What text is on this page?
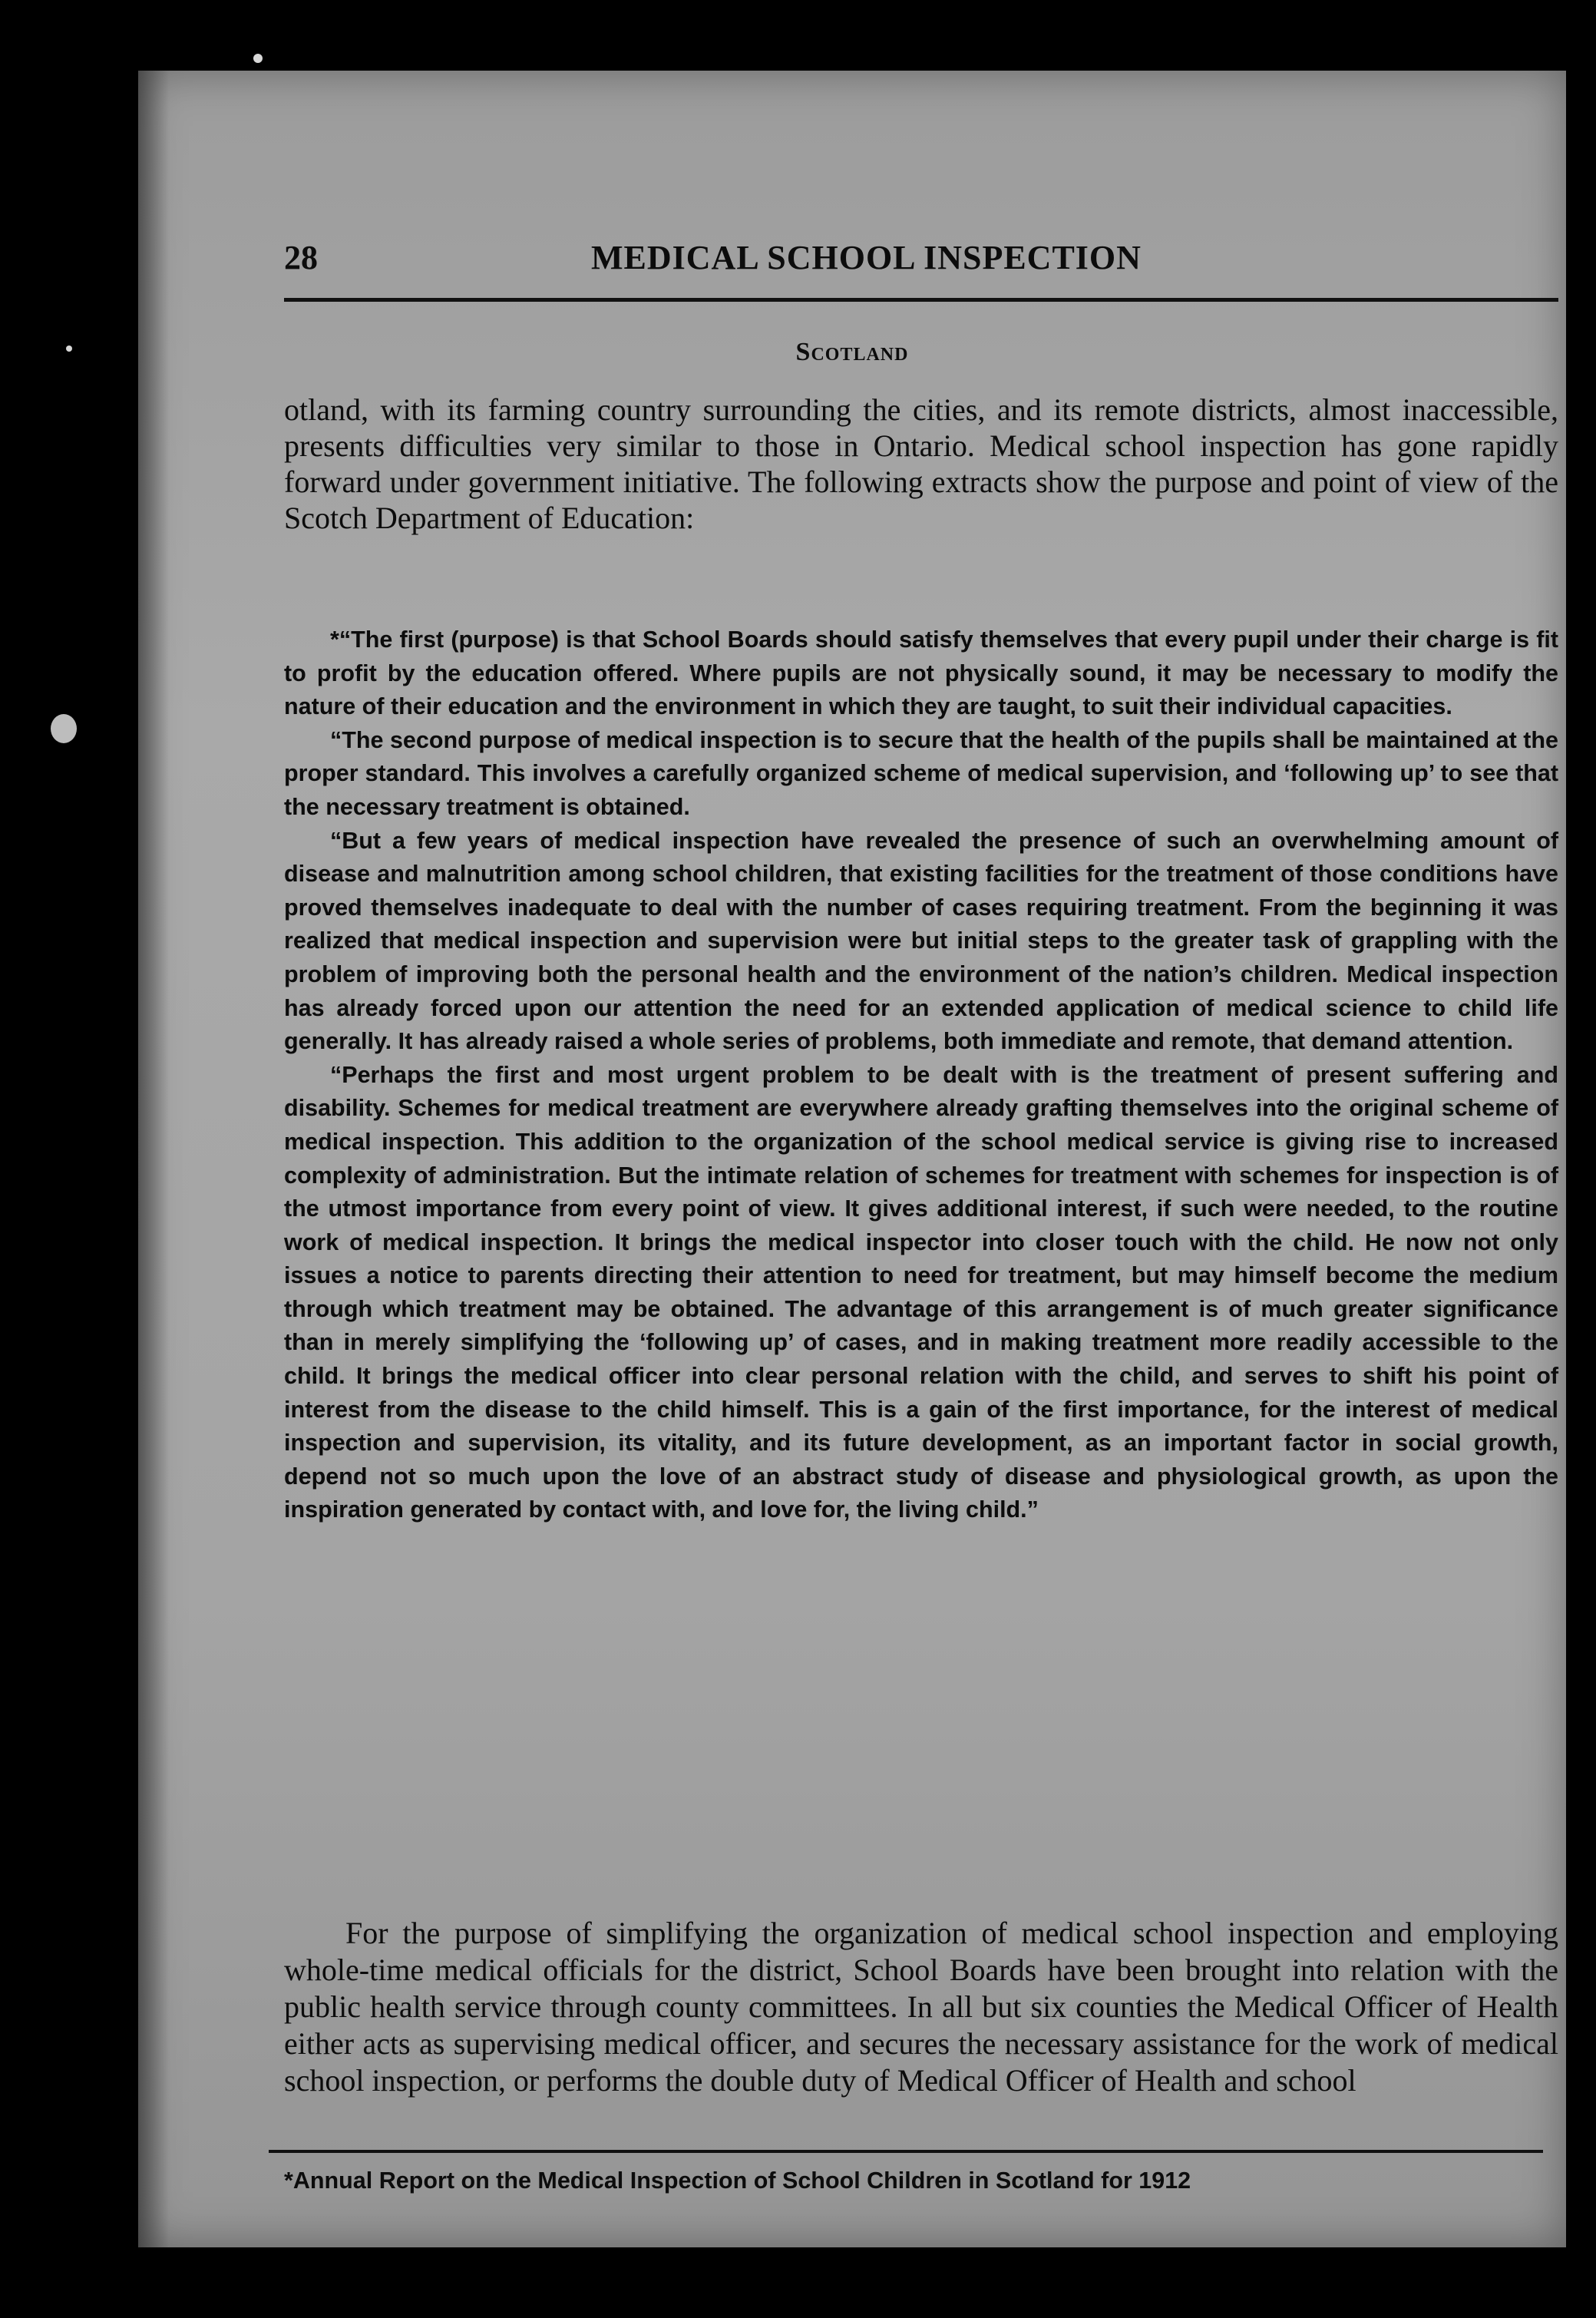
28	MEDICAL SCHOOL INSPECTION
Scotland
otland, with its farming country surrounding the cities, and its remote districts, almost inaccessible, presents difficulties very similar to those in Ontario. Medical school inspection has gone rapidly forward under government initiative. The following extracts show the purpose and point of view of the Scotch Department of Education:

*“The first (purpose) is that School Boards should satisfy themselves that every pupil under their charge is fit to profit by the education offered. Where pupils are not physically sound, it may be necessary to modify the nature of their education and the environment in which they are taught, to suit their individual capacities.

“The second purpose of medical inspection is to secure that the health of the pupils shall be maintained at the proper standard. This involves a carefully organized scheme of medical supervision, and ‘following up’ to see that the necessary treatment is obtained.

“But a few years of medical inspection have revealed the presence of such an overwhelming amount of disease and malnutrition among school children, that existing facilities for the treatment of those conditions have proved themselves inadequate to deal with the number of cases requiring treatment. From the beginning it was realized that medical inspection and supervision were but initial steps to the greater task of grappling with the problem of improving both the personal health and the environment of the nation’s children. Medical inspection has already forced upon our attention the need for an extended application of medical science to child life generally. It has already raised a whole series of problems, both immediate and remote, that demand attention.

“Perhaps the first and most urgent problem to be dealt with is the treatment of present suffering and disability. Schemes for medical treatment are everywhere already grafting themselves into the original scheme of medical inspection. This addition to the organization of the school medical service is giving rise to increased complexity of administration. But the intimate relation of schemes for treatment with schemes for inspection is of the utmost importance from every point of view. It gives additional interest, if such were needed, to the routine work of medical inspection. It brings the medical inspector into closer touch with the child. He now not only issues a notice to parents directing their attention to need for treatment, but may himself become the medium through which treatment may be obtained. The advantage of this arrangement is of much greater significance than in merely simplifying the ‘following up’ of cases, and in making treatment more readily accessible to the child. It brings the medical officer into clear personal relation with the child, and serves to shift his point of interest from the disease to the child himself. This is a gain of the first importance, for the interest of medical inspection and supervision, its vitality, and its future development, as an important factor in social growth, depend not so much upon the love of an abstract study of disease and physiological growth, as upon the inspiration generated by contact with, and love for, the living child.”

For the purpose of simplifying the organization of medical school inspection and employing whole-time medical officials for the district, School Boards have been brought into relation with the public health service through county committees. In all but six counties the Medical Officer of Health either acts as supervising medical officer, and secures the necessary assistance for the work of medical school inspection, or performs the double duty of Medical Officer of Health and school

*Annual Report on the Medical Inspection of School Children in Scotland for 1912
